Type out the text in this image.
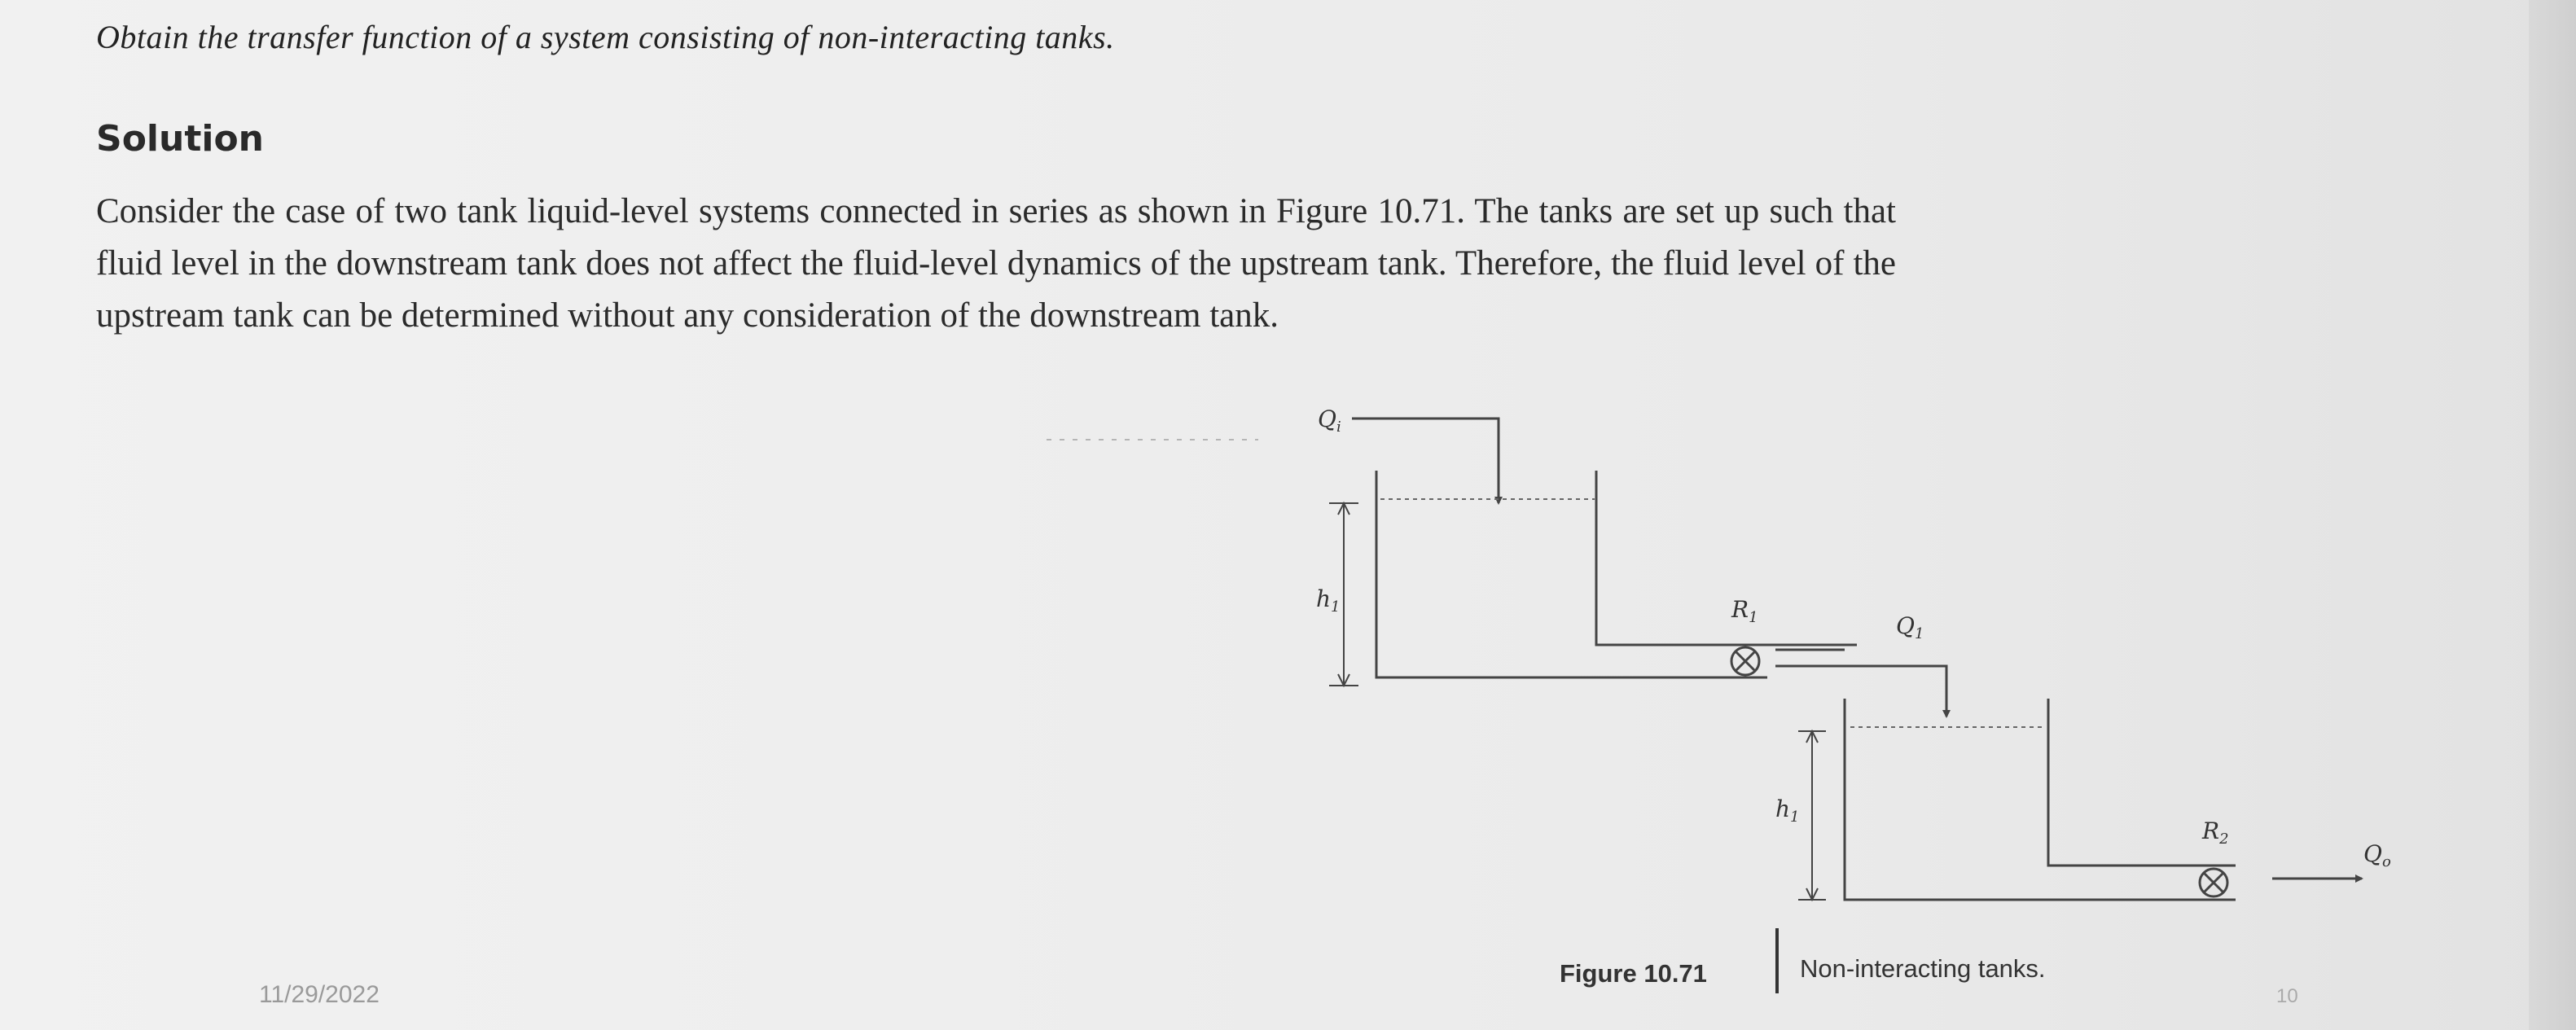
Obtain the transfer function of a system consisting of non-interacting tanks.
Solution
Consider the case of two tank liquid-level systems connected in series as shown in Figure 10.71. The tanks are set up such that fluid level in the downstream tank does not affect the fluid-level dynamics of the upstream tank. Therefore, the fluid level of the upstream tank can be determined without any consideration of the downstream tank.
$Q_i$
$h_1$	$R_1$	$Q_1$
$h_1$
$R_2$
$Q_o$
Figure 10.71	Non-interacting tanks.
11/29/2022	10
